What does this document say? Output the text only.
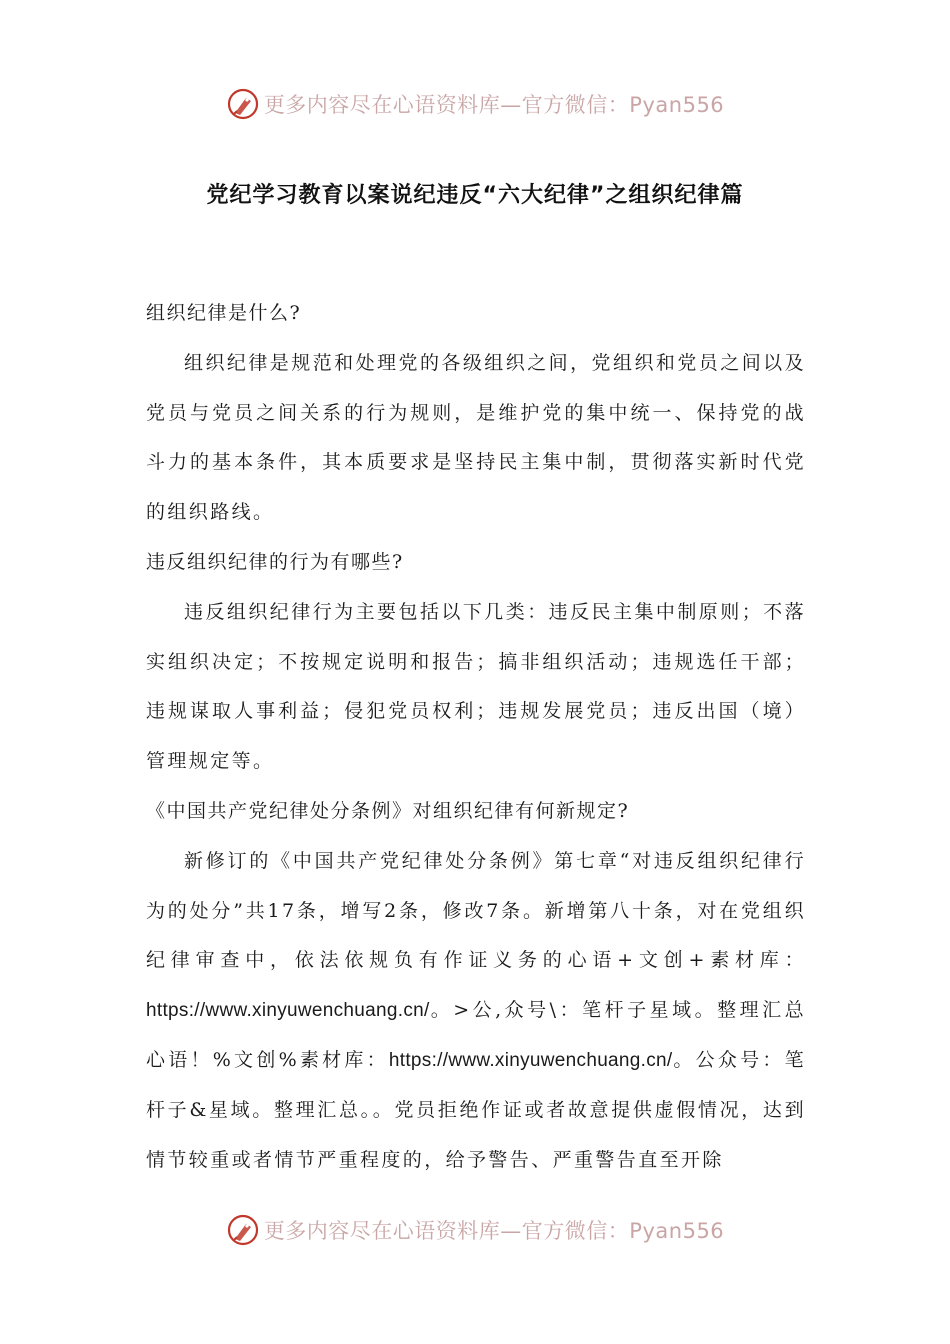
更多内容尽在心语资料库—官方微信：Pyan556
党纪学习教育以案说纪违反“六大纪律”之组织纪律篇

组织纪律是什么?

组织纪律是规范和处理党的各级组织之间，党组织和党员之间以及党员与党员之间关系的行为规则，是维护党的集中统一、保持党的战斗力的基本条件，其本质要求是坚持民主集中制，贯彻落实新时代党的组织路线。

违反组织纪律的行为有哪些?

违反组织纪律行为主要包括以下几类：违反民主集中制原则；不落实组织决定；不按规定说明和报告；搞非组织活动；违规选任干部；违规谋取人事利益；侵犯党员权利；违规发展党员；违反出国（境）管理规定等。

《中国共产党纪律处分条例》对组织纪律有何新规定?

新修订的《中国共产党纪律处分条例》第七章“对违反组织纪律行为的处分”共17条，增写2条，修改7条。新增第八十条，对在党组织纪律审查中，依法依规负有作证义务的心语+文创+素材库：https://www.xinyuwenchuang.cn/。>公,众号\：笔杆子星域。整理汇总心语！%文创%素材库：https://www.xinyuwenchuang.cn/。公众号：笔杆子&星域。整理汇总。。党员拒绝作证或者故意提供虚假情况，达到情节较重或者情节严重程度的，给予警告、严重警告直至开除

更多内容尽在心语资料库—官方微信：Pyan556
